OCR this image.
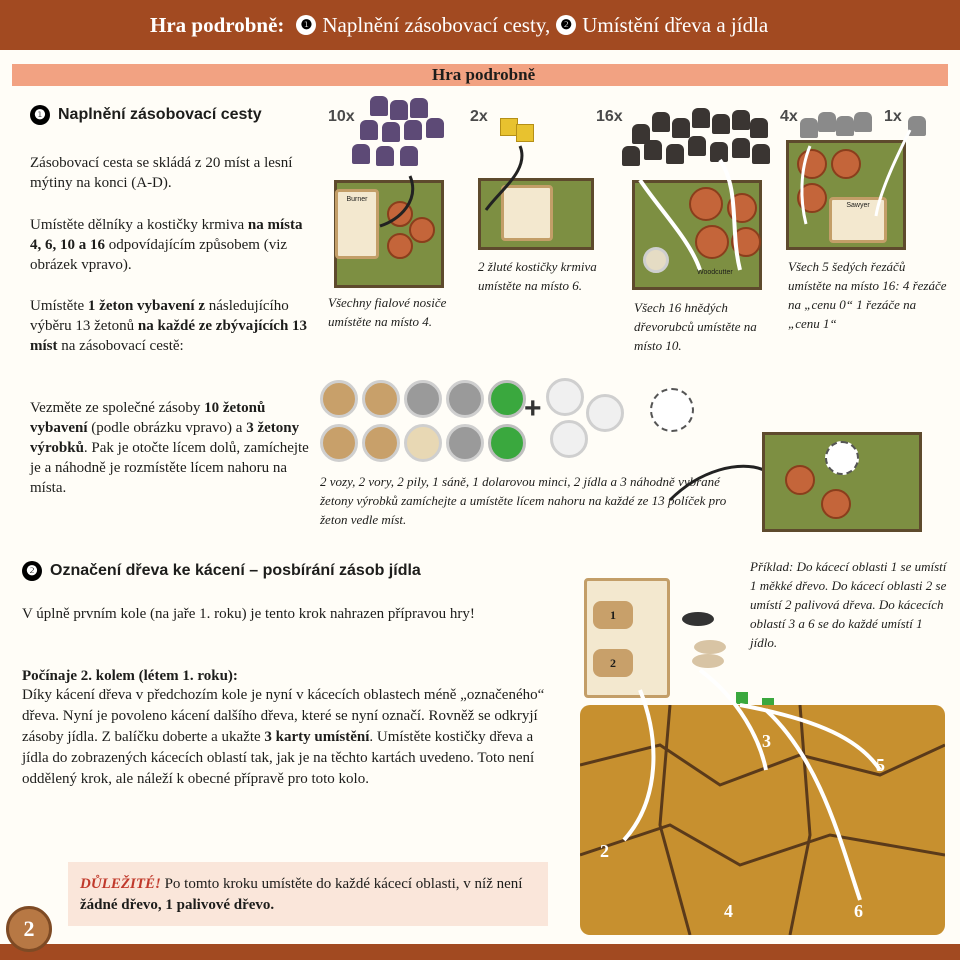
Hra podrobně:	❶ Naplnění zásobovací cesty, ❷ Umístění dřeva a jídla
Hra podrobně
❶ Naplnění zásobovací cesty
Zásobovací cesta se skládá z 20 míst a lesní mýtiny na konci (A-D).
Umístěte dělníky a kostičky krmiva na místa 4, 6, 10 a 16 odpovídajícím způsobem (viz obrázek vpravo).
Umístěte 1 žeton vybavení z následujícího výběru 13 žetonů na každé ze zbývajících 13 míst na zásobovací cestě:
Vezměte ze společné zásoby 10 žetonů vybavení (podle obrázku vpravo) a 3 žetony výrobků. Pak je otočte lícem dolů, zamíchejte je a náhodně je rozmístěte lícem nahoru na místa.
10x	2x	16x	4x	1x
Burner
Woodcutter
Sawyer
Všechny fialové nosiče umístěte na místo 4.
2 žluté kostičky krmiva umístěte na místo 6.
Všech 16 hnědých dřevorubců umístěte na místo 10.
Všech 5 šedých řezáčů umístěte na místo 16: 4 řezáče na „cenu 0“ 1 řezáče na „cenu 1“
+
2 vozy, 2 vory, 2 pily, 1 sáně, 1 dolarovou minci, 2 jídla a 3 náhodně vybrané žetony výrobků zamíchejte a umístěte lícem nahoru na každé ze 13 políček pro žeton vedle míst.
❷ Označení dřeva ke kácení – posbírání zásob jídla
V úplně prvním kole (na jaře 1. roku) je tento krok nahrazen přípravou hry!
Počínaje 2. kolem (létem 1. roku):
Díky kácení dřeva v předchozím kole je nyní v kácecích oblastech méně „označeného“ dřeva. Nyní je povoleno kácení dalšího dřeva, které se nyní označí. Rovněž se odkryjí zásoby jídla. Z balíčku doberte a ukažte 3 karty umístění. Umístěte kostičky dřeva a jídla do zobrazených kácecích oblastí tak, jak je na těchto kartách uvedeno. Toto není oddělený krok, ale náleží k obecné přípravě pro toto kolo.
DŮLEŽITÉ! Po tomto kroku umístěte do každé kácecí oblasti, v níž není žádné dřevo, 1 palivové dřevo.
1
2
2
3
4
5
6
Příklad: Do kácecí oblasti 1 se umístí 1 měkké dřevo. Do kácecí oblasti 2 se umístí 2 palivová dřeva. Do kácecích oblastí 3 a 6 se do každé umístí 1 jídlo.
2
